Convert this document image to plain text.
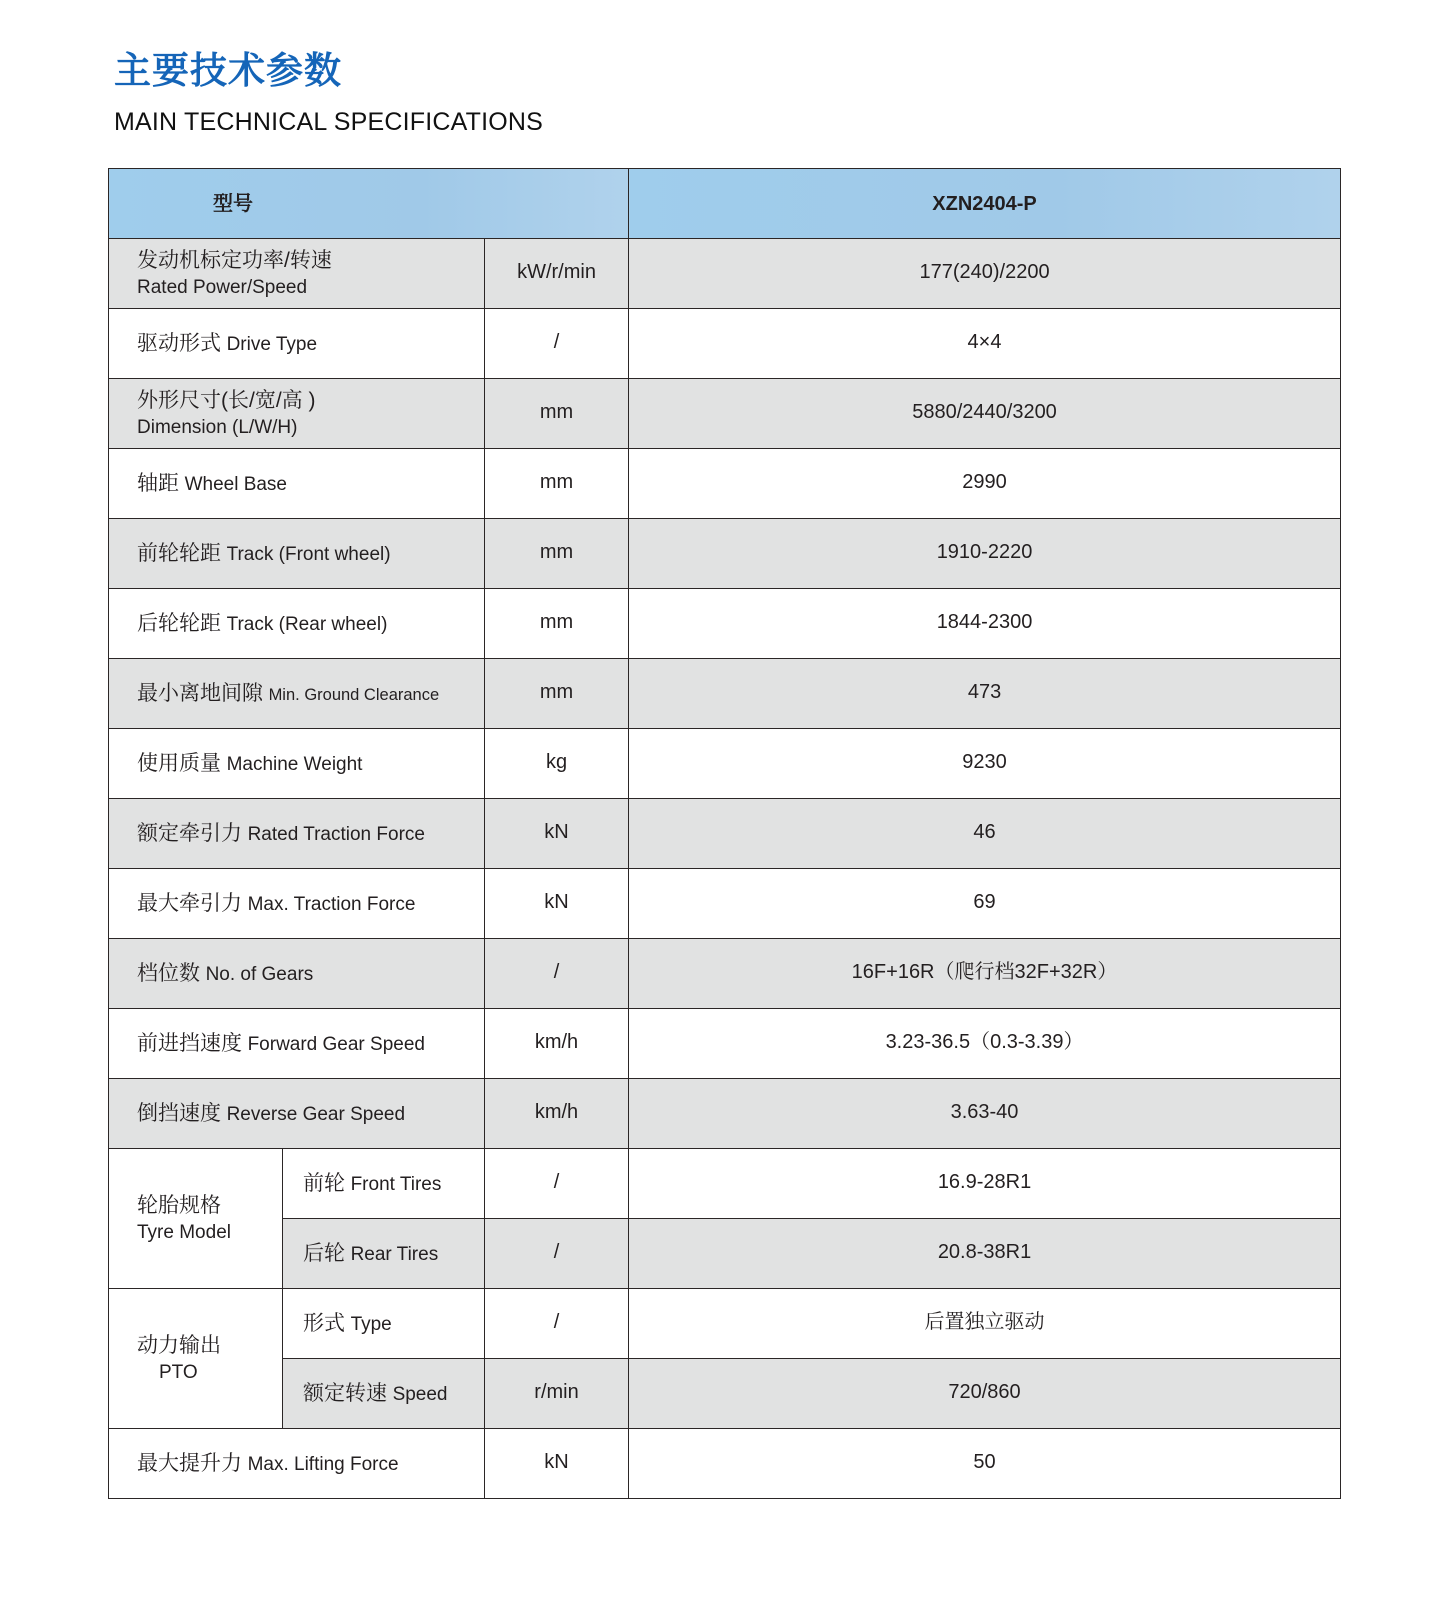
主要技术参数
MAIN TECHNICAL SPECIFICATIONS
型号			XZN2404-P

发动机标定功率/转速
Rated Power/Speed		kW/r/min	177(240)/2200
驱动形式 Drive Type		/	4×4

外形尺寸(长/宽/高 )
Dimension (L/W/H)		mm	5880/2440/3200
轴距 Wheel Base		mm	2990
前轮轮距 Track (Front wheel)		mm	1910-2220
后轮轮距 Track (Rear wheel)		mm	1844-2300
最小离地间隙 Min. Ground Clearance		mm	473
使用质量 Machine Weight		kg	9230
额定牵引力 Rated Traction Force		kN	46
最大牵引力 Max. Traction Force		kN	69
档位数 No. of Gears		/	16F+16R（爬行档32F+32R）
前进挡速度 Forward Gear Speed		km/h	3.23-36.5（0.3-3.39）
倒挡速度 Reverse Gear Speed		km/h	3.63-40

轮胎规格
Tyre Model	前轮 Front Tires	/	16.9-28R1
	后轮 Rear Tires	/	20.8-38R1

动力输出
PTO	形式 Type	/	后置独立驱动
	额定转速 Speed	r/min	720/860
最大提升力 Max. Lifting Force		kN	50
